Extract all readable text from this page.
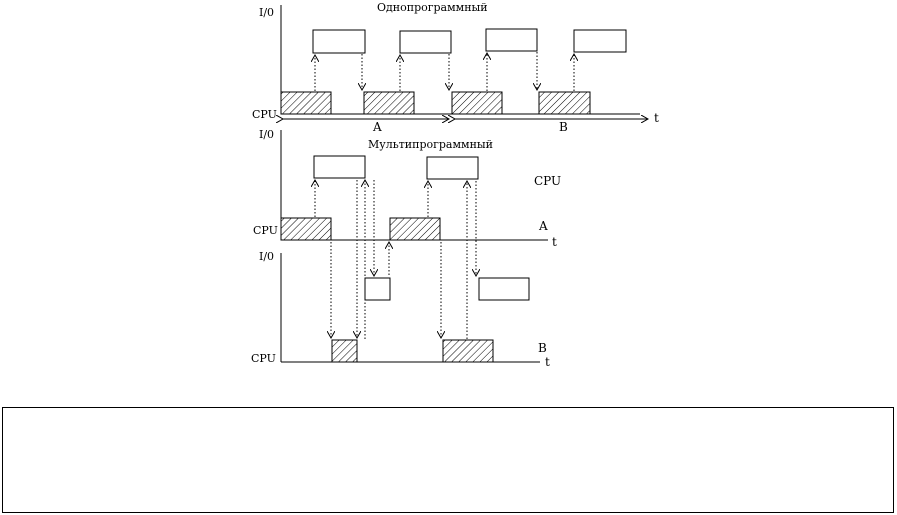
I/0	Однопрограммный
CPU	t
A	B
I/0
Мультипрограммный
CPU
CPU	A
t
I/0
CPU
B
t
